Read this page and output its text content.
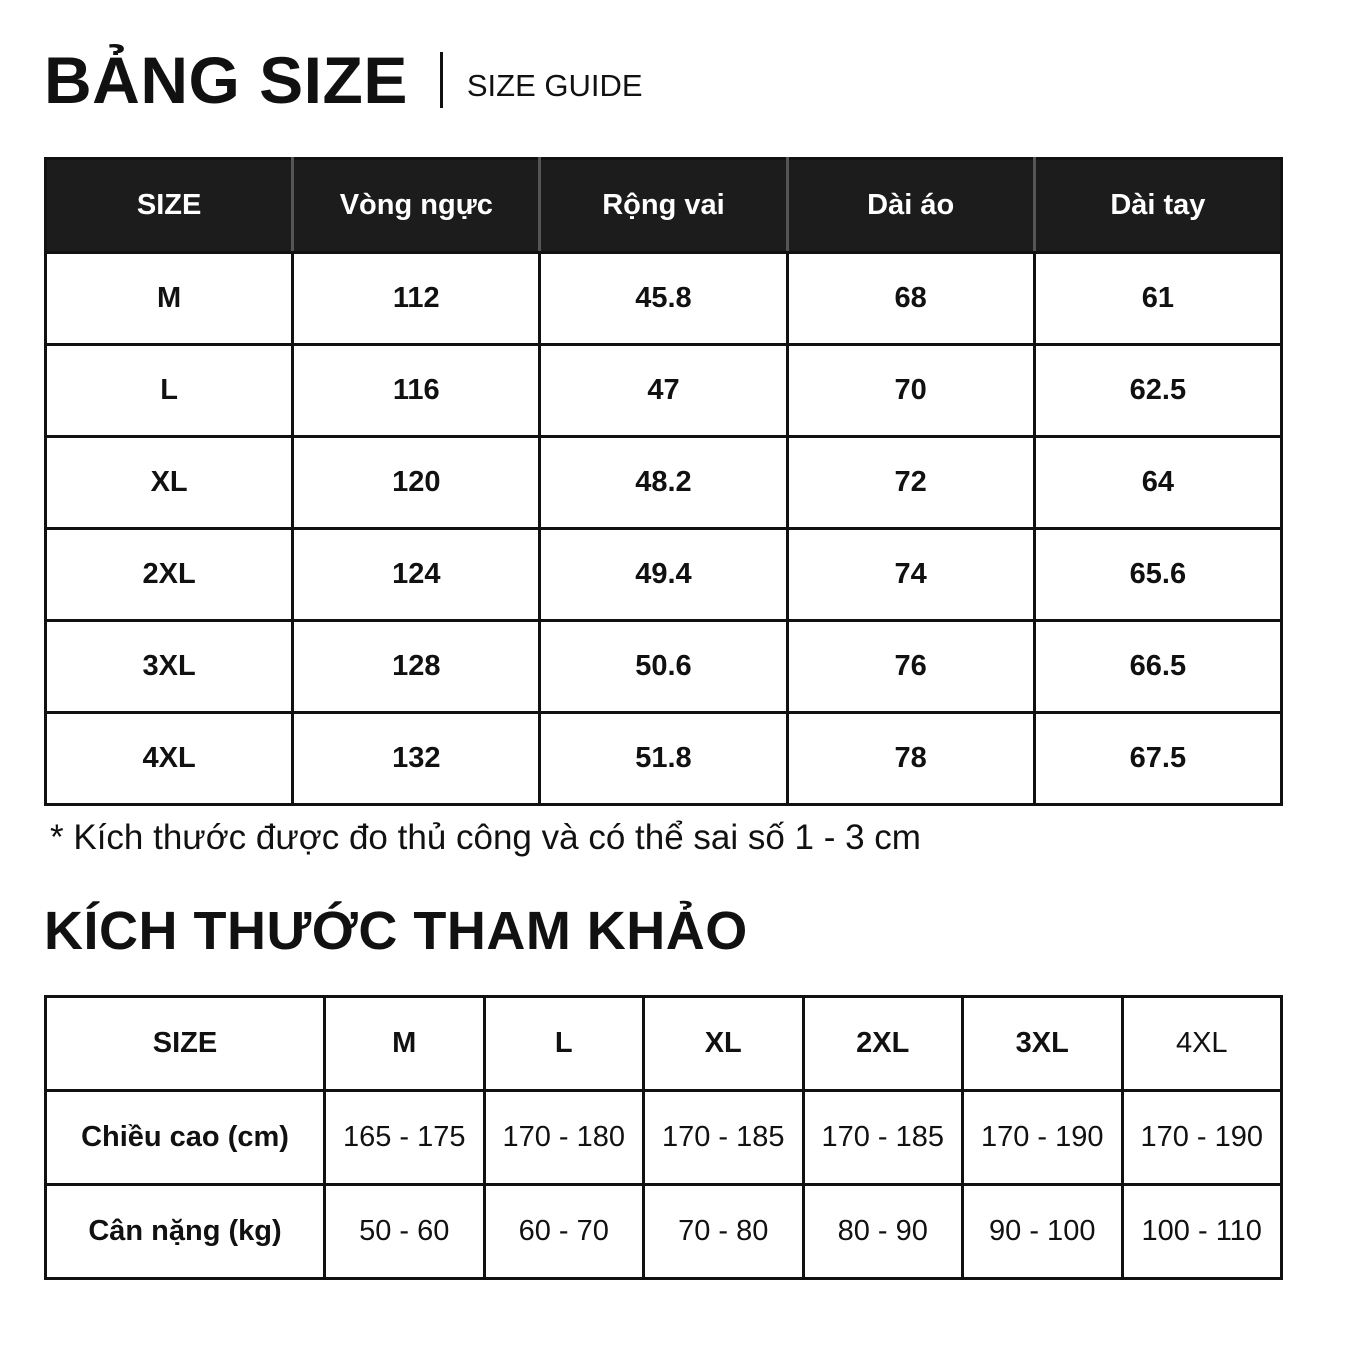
BẢNG SIZE SIZE GUIDE
SIZE	Vòng ngực	Rộng vai	Dài áo	Dài tay
M	112	45.8	68	61
L	116	47	70	62.5
XL	120	48.2	72	64
2XL	124	49.4	74	65.6
3XL	128	50.6	76	66.5
4XL	132	51.8	78	67.5
* Kích thước được đo thủ công và có thể sai số 1 - 3 cm
KÍCH THƯỚC THAM KHẢO
SIZE	M	L	XL	2XL	3XL	4XL
Chiều cao (cm)	165 - 175	170 - 180	170 - 185	170 - 185	170 - 190	170 - 190
Cân nặng (kg)	50 - 60	60 - 70	70 - 80	80 - 90	90 - 100	100 - 110
